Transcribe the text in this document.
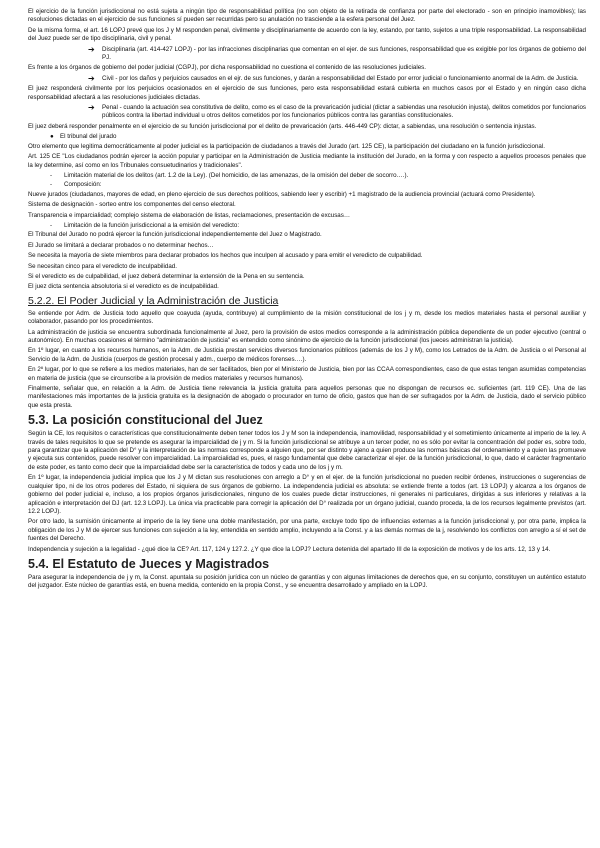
El ejercicio de la función jurisdiccional no está sujeta a ningún tipo de responsabilidad política (no son objeto de la retirada de confianza por parte del electorado - son en principio inamovibles); las resoluciones dictadas en el ejercicio de sus funciones sí pueden ser recurridas pero su anulación no trasciende a la esfera personal del Juez.

De la misma forma, el art. 16 LOPJ prevé que los J y M responden penal, civilmente y disciplinariamente de acuerdo con la ley, estando, por tanto, sujetos a una triple responsabilidad. La responsabilidad del Juez puede ser de tipo disciplinaria, civil y penal.

➔	Disciplinaria (art. 414-427 LOPJ) - por las infracciones disciplinarias que comentan en el ejer. de sus funciones, responsabilidad que es exigible por los órganos de gobierno del PJ.

Es frente a los órganos de gobierno del poder judicial (CGPJ), por dicha responsabilidad no cuestiona el contenido de las resoluciones judiciales.

➔	Civil - por los daños y perjuicios causados en el ejr. de sus funciones, y darán a responsabilidad del Estado por error judicial o funcionamiento anormal de la Adm. de Justicia.

El juez responderá civilmente por los perjuicios ocasionados en el ejercicio de sus funciones, pero esta responsabilidad estará cubierta en muchos casos por el Estado y en ningún caso dicha responsabilidad afectará a las resoluciones judiciales dictadas.

➔	Penal - cuando la actuación sea constitutiva de delito, como es el caso de la prevaricación judicial (dictar a sabiendas una resolución injusta), delitos cometidos por funcionarios públicos contra la libertad individual u otros delitos cometidos por los funcionarios públicos contra las garantías constitucionales.

El juez deberá responder penalmente en el ejercicio de su función jurisdiccional por el delito de prevaricación (arts. 446-449 CP): dictar, a sabiendas, una resolución o sentencia injustas.

●	El tribunal del jurado

Otro elemento que legitima democráticamente al poder judicial es la participación de ciudadanos a través del Jurado (art. 125 CE), la participación del ciudadano en la función jurisdiccional.

Art. 125 CE "Los ciudadanos podrán ejercer la acción popular y participar en la Administración de Justicia mediante la institución del Jurado, en la forma y con respecto a aquellos procesos penales que la ley determine, así como en los Tribunales consuetudinarios y tradicionales".

-	Limitación material de los delitos (art. 1.2 de la Ley). (Del homicidio, de las amenazas, de la omisión del deber de socorro….).
-	Composición:

Nueve jurados (ciudadanos, mayores de edad, en pleno ejercicio de sus derechos políticos, sabiendo leer y escribir) +1 magistrado de la audiencia provincial (actuará como Presidente).

Sistema de designación - sorteo entre los componentes del censo electoral.

Transparencia e imparcialidad; complejo sistema de elaboración de listas, reclamaciones, presentación de excusas…

-	Limitación de la función jurisdiccional a la emisión del veredicto:

El Tribunal del Jurado no podrá ejercer la función jurisdiccional independientemente del Juez o Magistrado.

El Jurado se limitará a declarar probados o no determinar hechos…

Se necesita la mayoría de siete miembros para declarar probados los hechos que inculpen al acusado y para emitir el veredicto de culpabilidad.

Se necesitan cinco para el veredicto de inculpabilidad.

Si el veredicto es de culpabilidad, el juez deberá determinar la extensión de la Pena en su sentencia.

El juez dicta sentencia absolutoria si el veredicto es de inculpabilidad.

5.2.2. El Poder Judicial y la Administración de Justicia

Se entiende por Adm. de Justicia todo aquello que coayuda (ayuda, contribuye) al cumplimiento de la misión constitucional de los j y m, desde los medios materiales hasta el personal auxiliar y colaborador, pasando por los procedimientos.

La administración de justicia se encuentra subordinada funcionalmente al Juez, pero la provisión de estos medios corresponde a la administración pública dependiente de un poder ejecutivo (central o autonómico). En muchas ocasiones el término "administración de justicia" es entendido como sinónimo de ejercicio de la función jurisdiccional (los jueces administran la justicia).

En 1º lugar, en cuanto a los recursos humanos, en la Adm. de Justicia prestan servicios diversos funcionarios públicos (además de los J y M), como los Letrados de la Adm. de Justicia o el Personal al Servicio de la Adm. de Justicia (cuerpos de gestión procesal y adm., cuerpo de médicos forenses….).

En 2º lugar, por lo que se refiere a los medios materiales, han de ser facilitados, bien por el Ministerio de Justicia, bien por las CCAA correspondientes, caso de que estas tengan asumidas competencias en materia de justicia (que se circunscribe a la provisión de medios materiales y recursos humanos).

Finalmente, señalar que, en relación a la Adm. de Justicia tiene relevancia la justicia gratuita para aquellos personas que no dispongan de recursos ec. suficientes (art. 119 CE). Una de las manifestaciones más importantes de la justicia gratuita es la designación de abogado o procurador en turno de oficio, gastos que han de ser sufragados por la Adm. de Justicia, dado el servicio público que esta presta.

5.3. La posición constitucional del Juez

Según la CE, los requisitos o características que constitucionalmente deben tener todos los J y M son la independencia, inamovilidad, responsabilidad y el sometimiento únicamente al imperio de la ley. A través de tales requisitos lo que se pretende es asegurar la imparcialidad de j y m. Si la función jurisdiccional se atribuye a un tercer poder, no es sólo por evitar la concentración del poder es, sobre todo, para garantizar que la aplicación del D° y la interpretación de las normas corresponde a alguien que, por ser distinto y ajeno a quien produce las normas básicas del ordenamiento y a quien las promueve y ejecuta sus contenidos, puede resolver con imparcialidad. La imparcialidad es, pues, el rasgo fundamental que debe caracterizar el ejer. de la función jurisdiccional, lo que, dado el carácter fragmentario de este poder, es tanto como decir que la imparcialidad debe ser la característica de todos y cada uno de los j y m.

En 1º lugar, la independencia judicial implica que los J y M dictan sus resoluciones con arreglo a D° y en el ejer. de la función jurisdiccional no pueden recibir órdenes, instrucciones o sugerencias de cualquier tipo, ni de los otros poderes del Estado, ni siquiera de sus órganos de gobierno. La independencia judicial es absoluta: se extiende frente a todos (art. 13 LOPJ) y alcanza a los órganos de gobierno del poder judicial e, incluso, a los propios órganos jurisdiccionales, ninguno de los cuales puede dictar instrucciones, ni generales ni particulares, dirigidas a sus inferiores y relativas a la aplicación e interpretación del DJ (art. 12.3 LOPJ). La única vía practicable para corregir la aplicación del D° realizada por un órgano judicial, cuando proceda, la de los recursos legalmente previstos (art. 12.2 LOPJ).

Por otro lado, la sumisión únicamente al imperio de la ley tiene una doble manifestación, por una parte, excluye todo tipo de influencias externas a la función jurisdiccional y, por otra parte, implica la obligación de los J y M de ejercer sus funciones con sujeción a la ley, entendida en sentido amplio, incluyendo a la Const. y a las demás normas de la j, resolviendo los conflictos con arreglo a sí el set de fuentes del Derecho.

Independencia y sujeción a la legalidad - ¿qué dice la CE? Art. 117, 124 y 127.2. ¿Y que dice la LOPJ? Lectura detenida del apartado III de la exposición de motivos y de los arts. 12, 13 y 14.

5.4. El Estatuto de Jueces y Magistrados

Para asegurar la independencia de j y m, la Const. apuntala su posición jurídica con un núcleo de garantías y con algunas limitaciones de derechos que, en su conjunto, constituyen un auténtico estatuto del juzgador. Este núcleo de garantías está, en buena medida, contenido en la propia Const., y se encuentra desarrollado y ampliado en la LOPJ.
